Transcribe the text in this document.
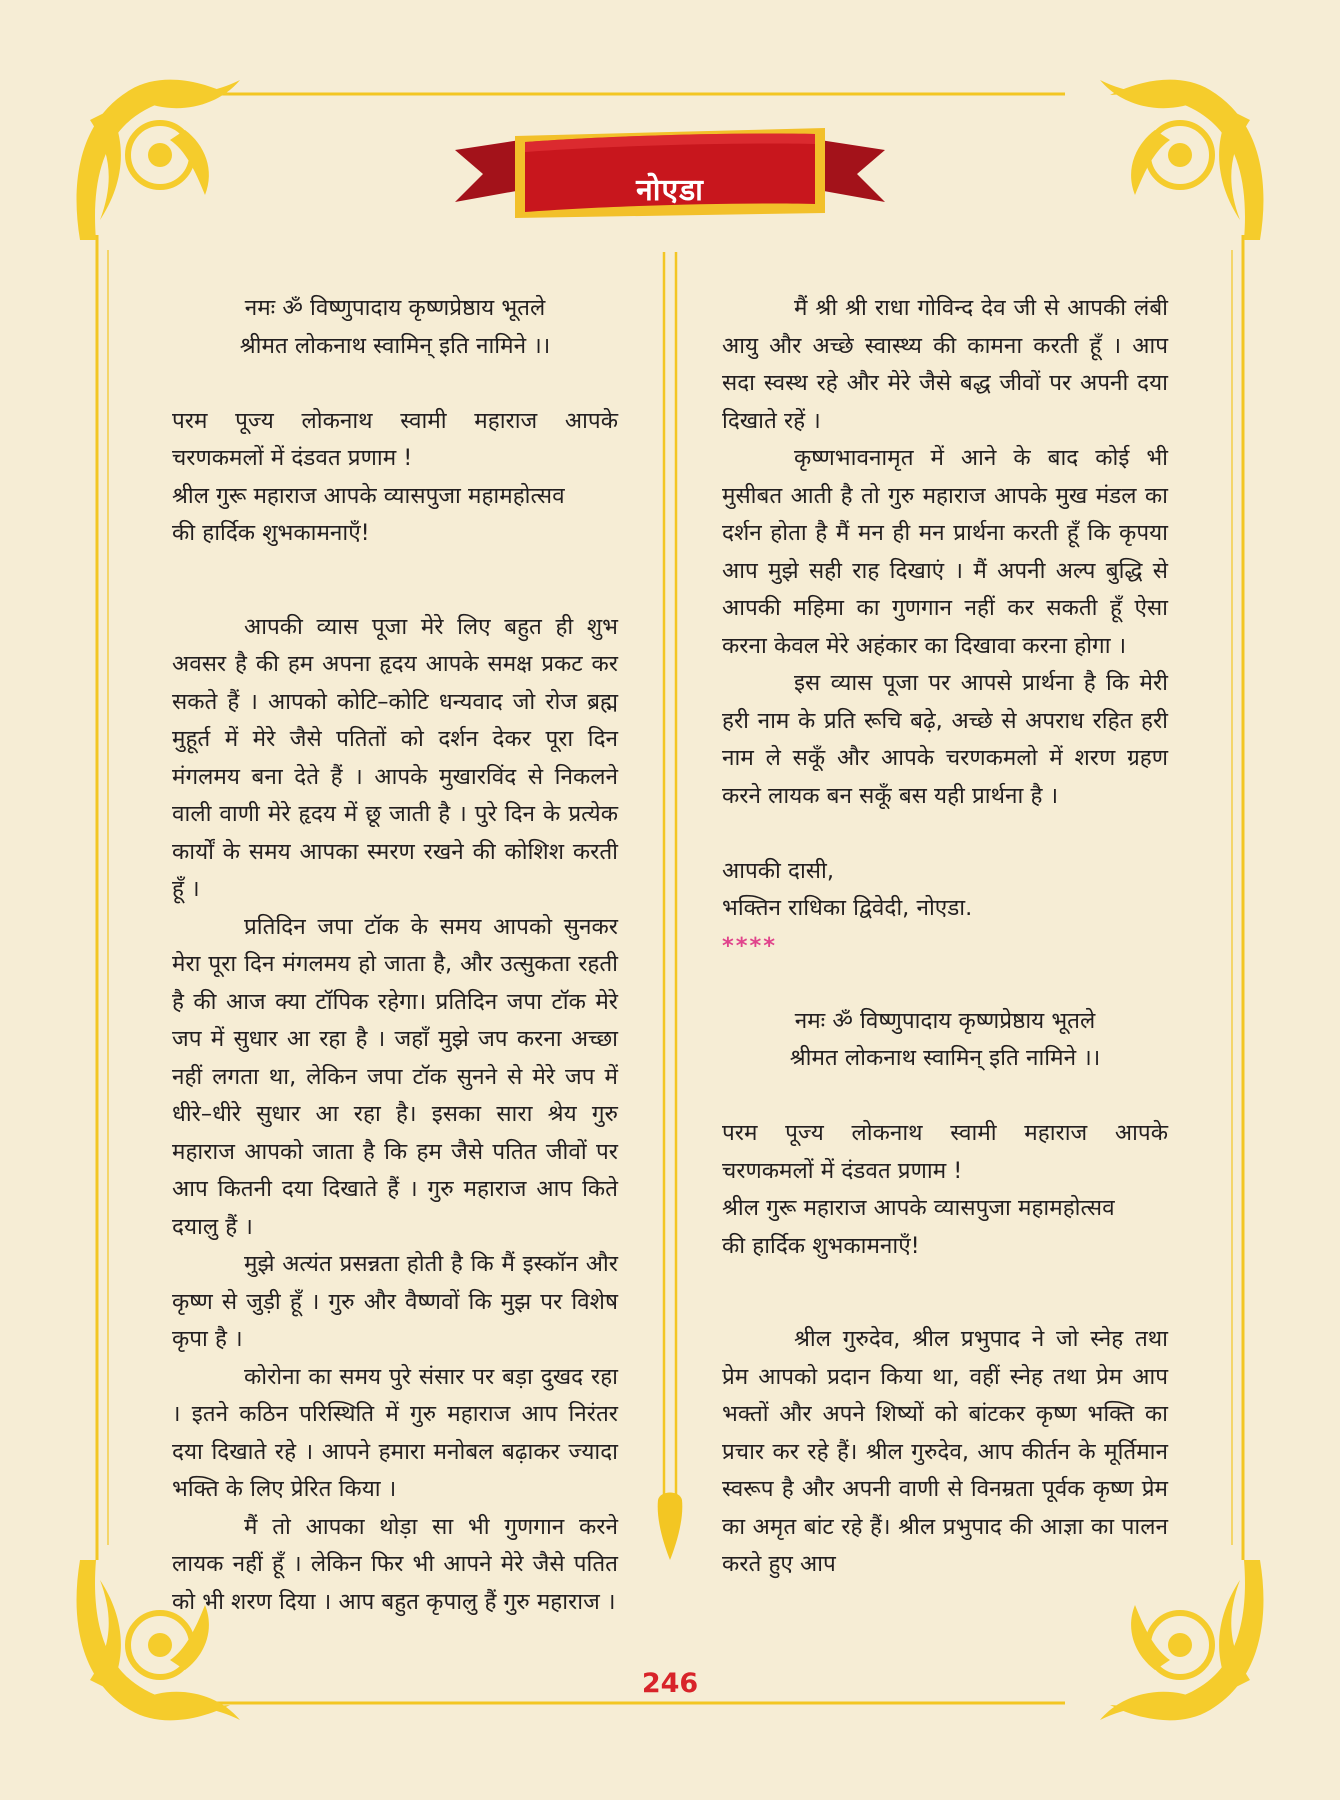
नोएडा

नमः ॐ विष्णुपादाय कृष्णप्रेष्ठाय भूतले

श्रीमत लोकनाथ स्वामिन् इति नामिने ।।

परम पूज्य लोकनाथ स्वामी महाराज आपके

चरणकमलों में दंडवत प्रणाम !

श्रील गुरू महाराज आपके व्यासपुजा महामहोत्सव

की हार्दिक शुभकामनाएँ!

आपकी व्यास पूजा मेरे लिए बहुत ही शुभ अवसर है की हम अपना हृदय आपके समक्ष प्रकट कर सकते हैं । आपको कोटि–कोटि धन्यवाद जो रोज ब्रह्म मुहूर्त में मेरे जैसे पतितों को दर्शन देकर पूरा दिन मंगलमय बना देते हैं । आपके मुखारविंद से निकलने वाली वाणी मेरे हृदय में छू जाती है । पुरे दिन के प्रत्येक कार्यों के समय आपका स्मरण रखने की कोशिश करती हूँ ।

प्रतिदिन जपा टॉक के समय आपको सुनकर मेरा पूरा दिन मंगलमय हो जाता है, और उत्सुकता रहती है की आज क्या टॉपिक रहेगा। प्रतिदिन जपा टॉक मेरे जप में सुधार आ रहा है । जहाँ मुझे जप करना अच्छा नहीं लगता था, लेकिन जपा टॉक सुनने से मेरे जप में धीरे–धीरे सुधार आ रहा है। इसका सारा श्रेय गुरु महाराज आपको जाता है कि हम जैसे पतित जीवों पर आप कितनी दया दिखाते हैं । गुरु महाराज आप किते दयालु हैं ।

मुझे अत्यंत प्रसन्नता होती है कि मैं इस्कॉन और कृष्ण से जुड़ी हूँ । गुरु और वैष्णवों कि मुझ पर विशेष कृपा है ।

कोरोना का समय पुरे संसार पर बड़ा दुखद रहा । इतने कठिन परिस्थिति में गुरु महाराज आप निरंतर दया दिखाते रहे । आपने हमारा मनोबल बढ़ाकर ज्यादा भक्ति के लिए प्रेरित किया ।

मैं तो आपका थोड़ा सा भी गुणगान करने लायक नहीं हूँ । लेकिन फिर भी आपने मेरे जैसे पतित को भी शरण दिया । आप बहुत कृपालु हैं गुरु महाराज ।

मैं श्री श्री राधा गोविन्द देव जी से आपकी लंबी आयु और अच्छे स्वास्थ्य की कामना करती हूँ । आप सदा स्वस्थ रहे और मेरे जैसे बद्ध जीवों पर अपनी दया दिखाते रहें ।

कृष्णभावनामृत में आने के बाद कोई भी मुसीबत आती है तो गुरु महाराज आपके मुख मंडल का दर्शन होता है मैं मन ही मन प्रार्थना करती हूँ कि कृपया आप मुझे सही राह दिखाएं । मैं अपनी अल्प बुद्धि से आपकी महिमा का गुणगान नहीं कर सकती हूँ ऐसा करना केवल मेरे अहंकार का दिखावा करना होगा ।

इस व्यास पूजा पर आपसे प्रार्थना है कि मेरी हरी नाम के प्रति रूचि बढ़े, अच्छे से अपराध रहित हरी नाम ले सकूँ और आपके चरणकमलो में शरण ग्रहण करने लायक बन सकूँ बस यही प्रार्थना है ।

आपकी दासी,

भक्तिन राधिका द्विवेदी, नोएडा.

****

नमः ॐ विष्णुपादाय कृष्णप्रेष्ठाय भूतले

श्रीमत लोकनाथ स्वामिन् इति नामिने ।।

परम पूज्य लोकनाथ स्वामी महाराज आपके

चरणकमलों में दंडवत प्रणाम !

श्रील गुरू महाराज आपके व्यासपुजा महामहोत्सव

की हार्दिक शुभकामनाएँ!

श्रील गुरुदेव, श्रील प्रभुपाद ने जो स्नेह तथा प्रेम आपको प्रदान किया था, वहीं स्नेह तथा प्रेम आप भक्तों और अपने शिष्यों को बांटकर कृष्ण भक्ति का प्रचार कर रहे हैं। श्रील गुरुदेव, आप कीर्तन के मूर्तिमान स्वरूप है और अपनी वाणी से विनम्रता पूर्वक कृष्ण प्रेम का अमृत बांट रहे हैं। श्रील प्रभुपाद की आज्ञा का पालन करते हुए आप

246
